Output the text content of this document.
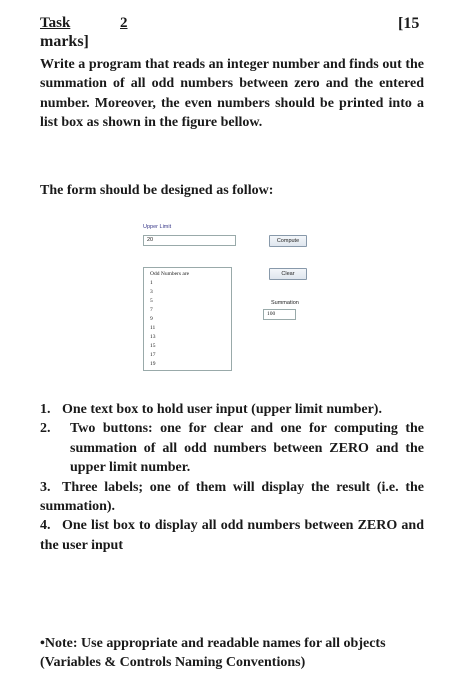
Task	2	[15
marks]
Write a program that reads an integer number and finds out the summation of all odd numbers between zero and the entered number. Moreover, the even numbers should be printed into a list box as shown in the figure bellow.
The form should be designed as follow:
Upper Limit
20	Compute
Clear
Odd Numbers are
1
3
5
7
9
11
13
15
17
19
Summation
100
1. One text box to hold user input (upper limit number).
2. Two buttons: one for clear and one for computing the summation of all odd numbers between ZERO and the upper limit number.
3. Three labels; one of them will display the result (i.e. the summation).
4. One list box to display all odd numbers between ZERO and the user input
•Note: Use appropriate and readable names for all objects (Variables & Controls Naming Conventions)
